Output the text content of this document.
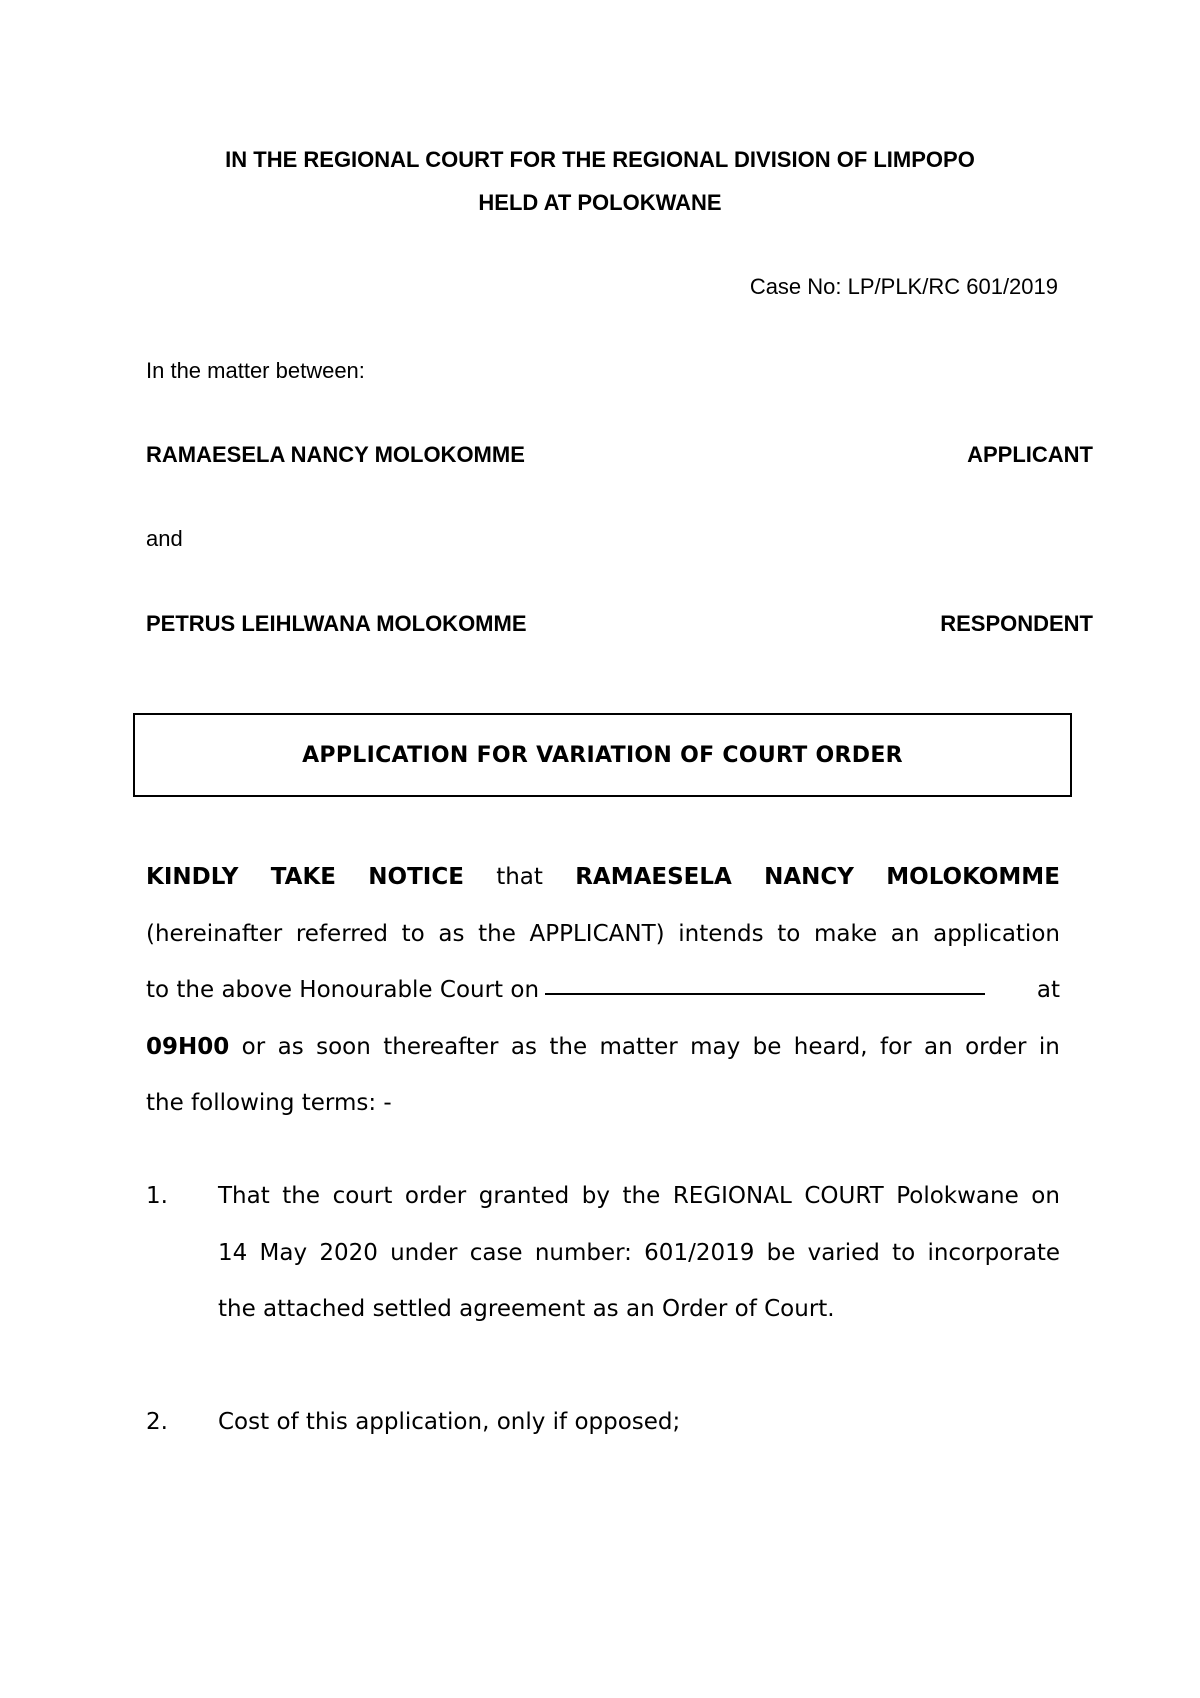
IN THE REGIONAL COURT FOR THE REGIONAL DIVISION OF LIMPOPO
HELD AT POLOKWANE
Case No: LP/PLK/RC 601/2019
In the matter between:
RAMAESELA NANCY MOLOKOMME	APPLICANT
and
PETRUS LEIHLWANA MOLOKOMME	RESPONDENT
APPLICATION FOR VARIATION OF COURT ORDER
KINDLY TAKE NOTICE that RAMAESELA NANCY MOLOKOMME
(hereinafter referred to as the APPLICANT) intends to make an application
to the above Honourable Court on	at
09H00 or as soon thereafter as the matter may be heard, for an order in
the following terms: -
1.	That the court order granted by the REGIONAL COURT Polokwane on
14 May 2020 under case number: 601/2019 be varied to incorporate
the attached settled agreement as an Order of Court.
2.	Cost of this application, only if opposed;
